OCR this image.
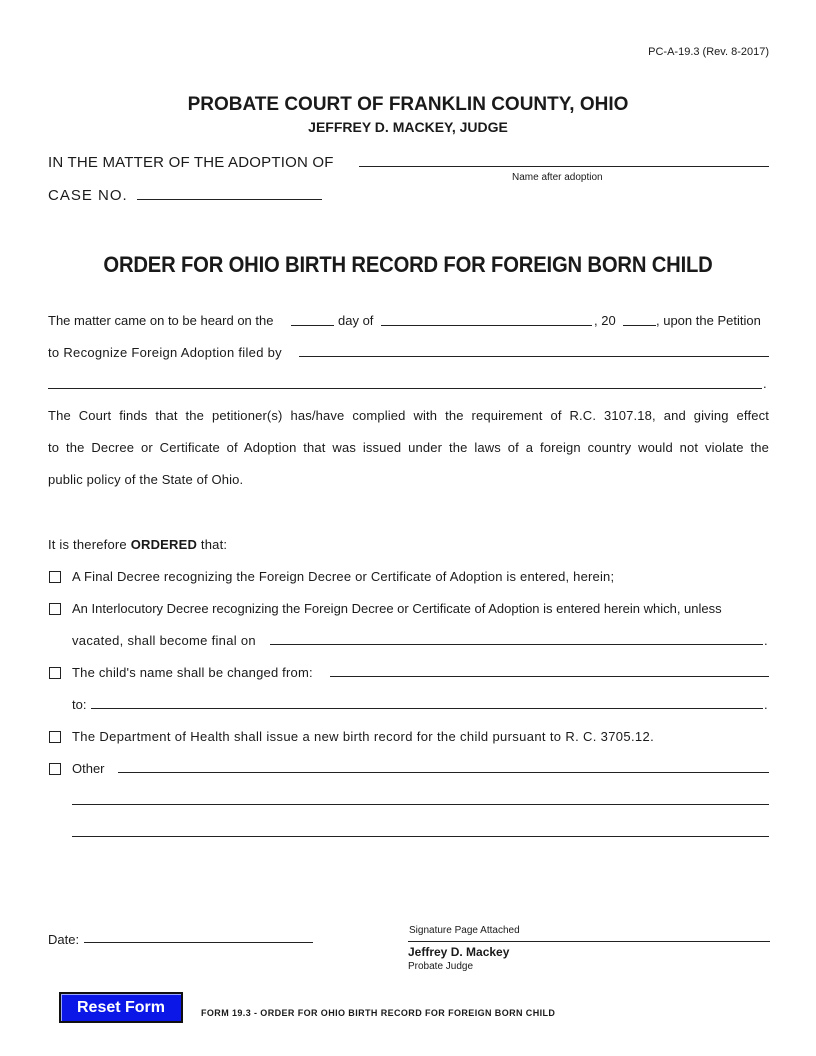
PC-A-19.3 (Rev. 8-2017)
PROBATE COURT OF FRANKLIN COUNTY, OHIO
JEFFREY D. MACKEY, JUDGE
IN THE MATTER OF THE ADOPTION OF
Name after adoption
CASE NO.
ORDER FOR OHIO BIRTH RECORD FOR FOREIGN BORN CHILD
The matter came on to be heard on the	day of	, 20	, upon the Petition
to Recognize Foreign Adoption filed by
.
The Court finds that the petitioner(s) has/have complied with the requirement of R.C. 3107.18, and giving effect
to the Decree or Certificate of Adoption that was issued under the laws of a foreign country would not violate the
public policy of the State of Ohio.
It is therefore ORDERED that:
A Final Decree recognizing the Foreign Decree or Certificate of Adoption is entered, herein;
An Interlocutory Decree recognizing the Foreign Decree or Certificate of Adoption is entered herein which, unless
vacated, shall become final on	.
The child's name shall be changed from:
to:	.
The Department of Health shall issue a new birth record for the child pursuant to R. C. 3705.12.
Other
Date:
Signature Page Attached
Jeffrey D. Mackey
Probate Judge
Reset Form	FORM 19.3 - ORDER FOR OHIO BIRTH RECORD FOR FOREIGN BORN CHILD
